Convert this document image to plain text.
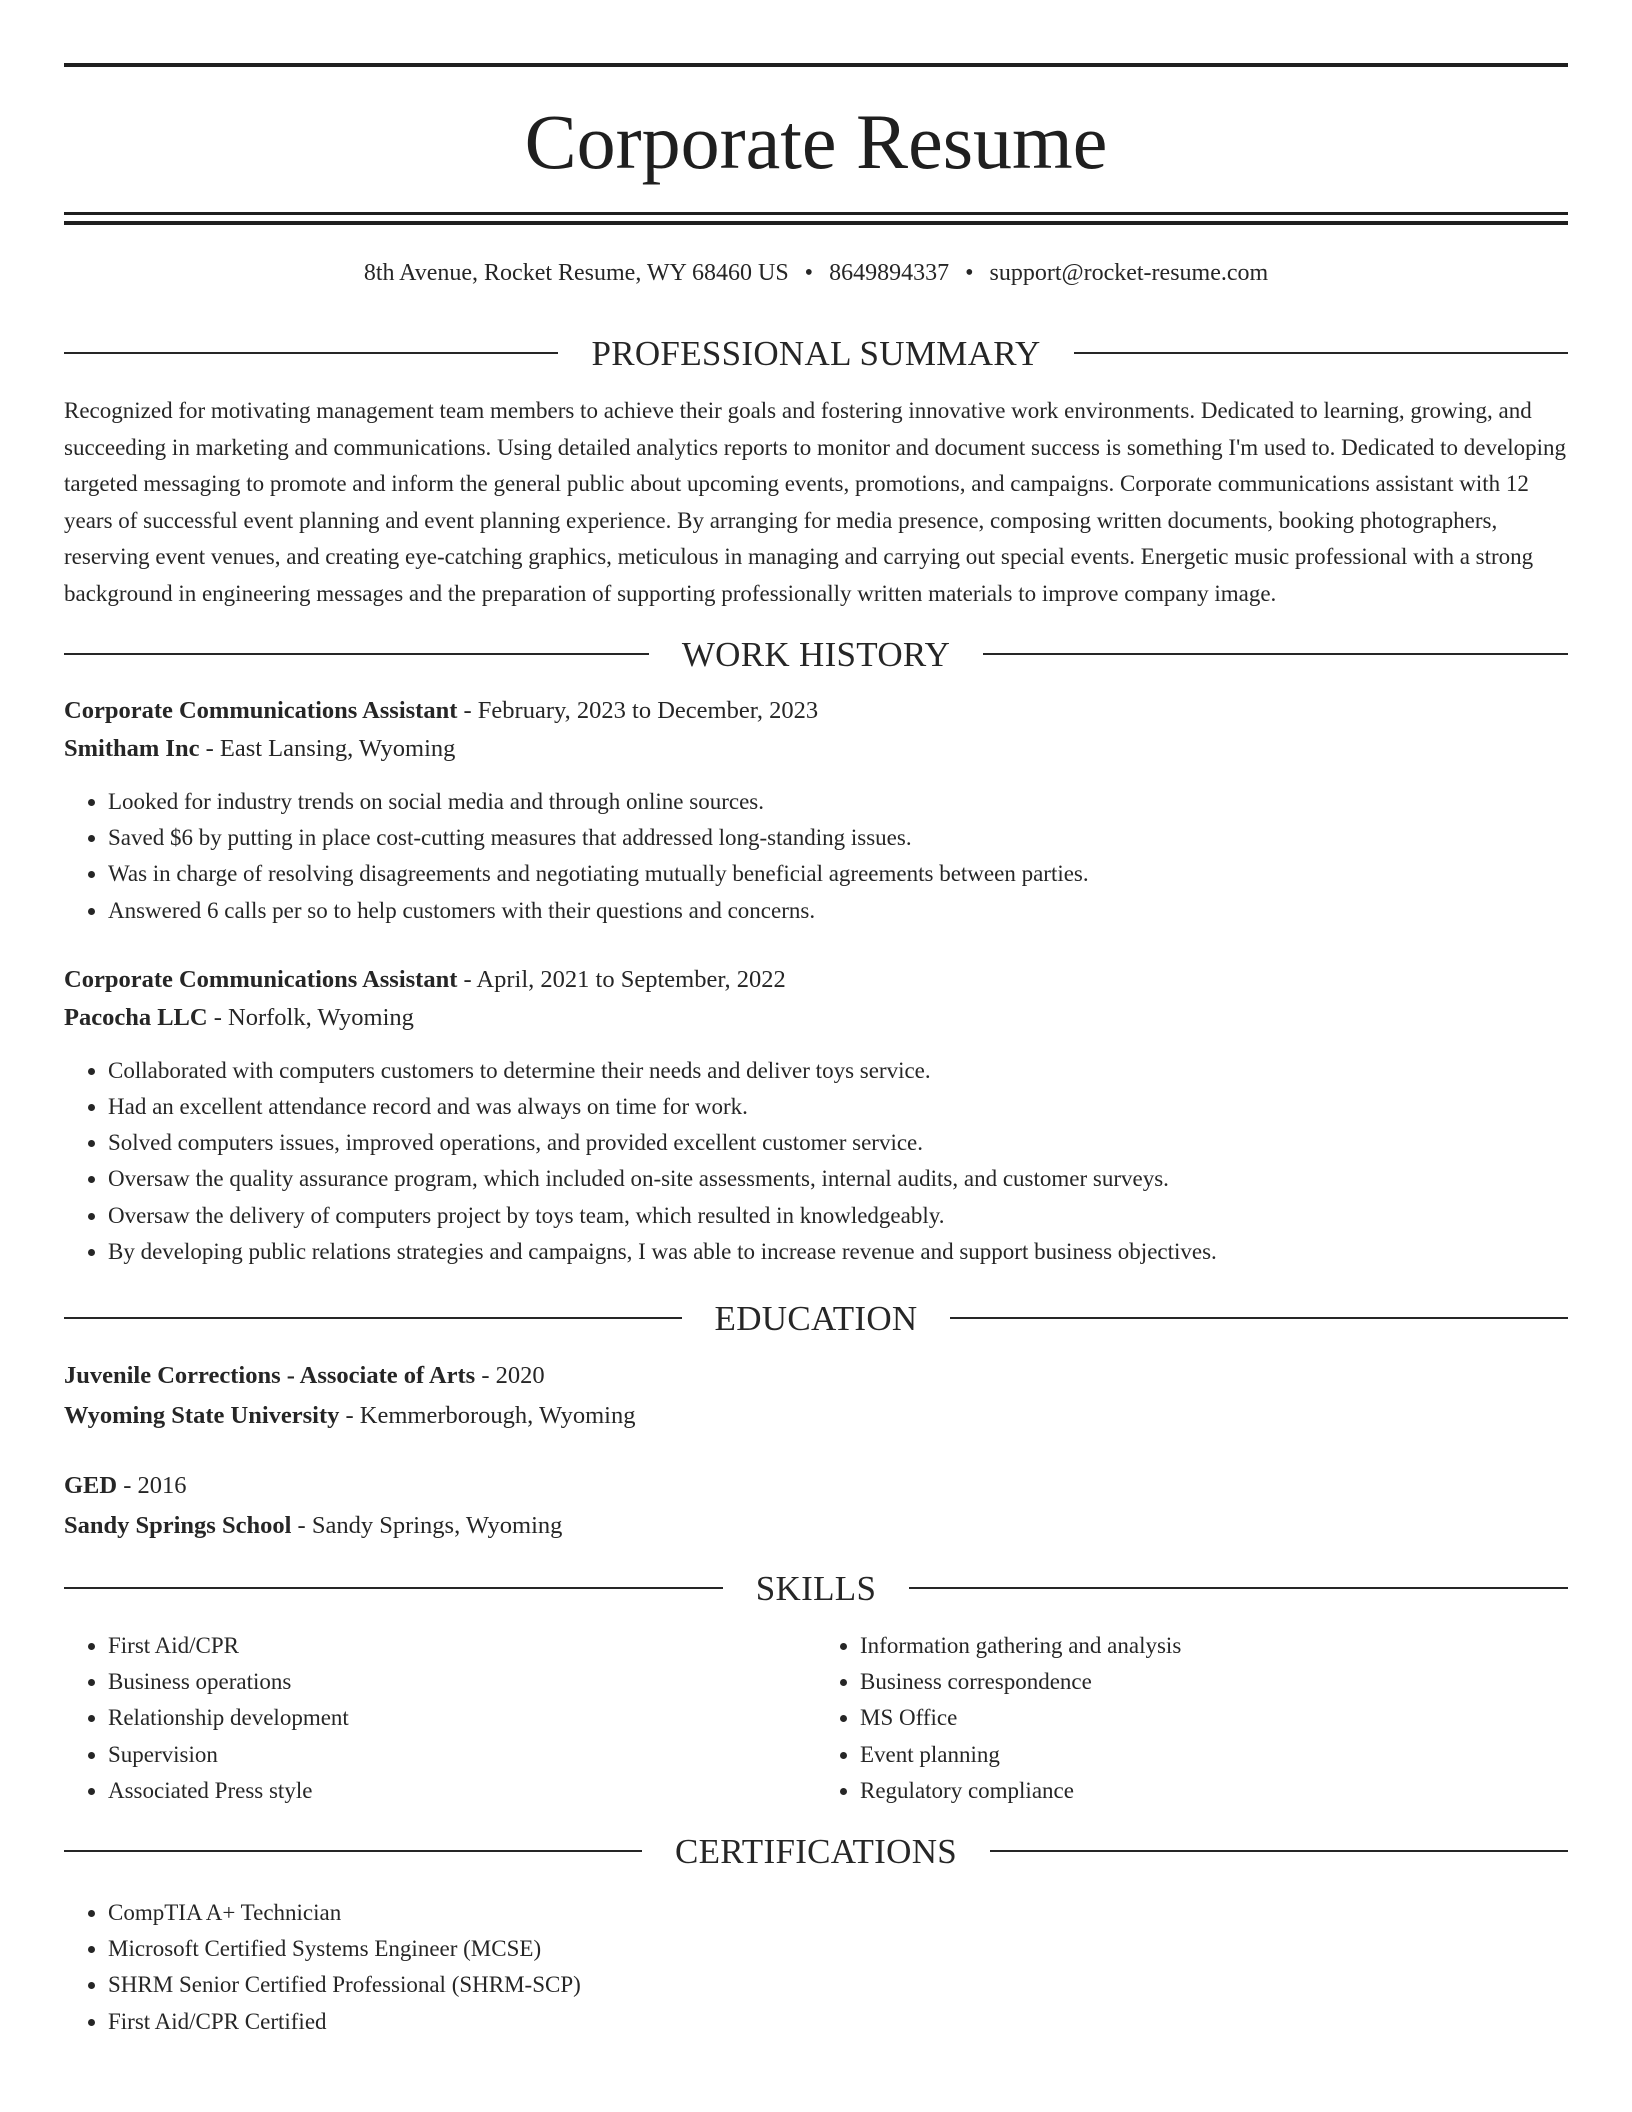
Corporate Resume
8th Avenue, Rocket Resume, WY 68460 US • 8649894337 • support@rocket-resume.com
PROFESSIONAL SUMMARY

Recognized for motivating management team members to achieve their goals and fostering innovative work environments. Dedicated to learning, growing, and succeeding in marketing and communications. Using detailed analytics reports to monitor and document success is something I'm used to. Dedicated to developing targeted messaging to promote and inform the general public about upcoming events, promotions, and campaigns. Corporate communications assistant with 12 years of successful event planning and event planning experience. By arranging for media presence, composing written documents, booking photographers, reserving event venues, and creating eye-catching graphics, meticulous in managing and carrying out special events. Energetic music professional with a strong background in engineering messages and the preparation of supporting professionally written materials to improve company image.

WORK HISTORY
Corporate Communications Assistant - February, 2023 to December, 2023
Smitham Inc - East Lansing, Wyoming
• Looked for industry trends on social media and through online sources.
• Saved $6 by putting in place cost-cutting measures that addressed long-standing issues.
• Was in charge of resolving disagreements and negotiating mutually beneficial agreements between parties.
• Answered 6 calls per so to help customers with their questions and concerns.
Corporate Communications Assistant - April, 2021 to September, 2022
Pacocha LLC - Norfolk, Wyoming
• Collaborated with computers customers to determine their needs and deliver toys service.
• Had an excellent attendance record and was always on time for work.
• Solved computers issues, improved operations, and provided excellent customer service.
• Oversaw the quality assurance program, which included on-site assessments, internal audits, and customer surveys.
• Oversaw the delivery of computers project by toys team, which resulted in knowledgeably.
• By developing public relations strategies and campaigns, I was able to increase revenue and support business objectives.
EDUCATION
Juvenile Corrections - Associate of Arts - 2020
Wyoming State University - Kemmerborough, Wyoming
GED - 2016
Sandy Springs School - Sandy Springs, Wyoming
SKILLS
• First Aid/CPR
• Business operations
• Relationship development
• Supervision
• Associated Press style
• Information gathering and analysis
• Business correspondence
• MS Office
• Event planning
• Regulatory compliance
CERTIFICATIONS
• CompTIA A+ Technician
• Microsoft Certified Systems Engineer (MCSE)
• SHRM Senior Certified Professional (SHRM-SCP)
• First Aid/CPR Certified
